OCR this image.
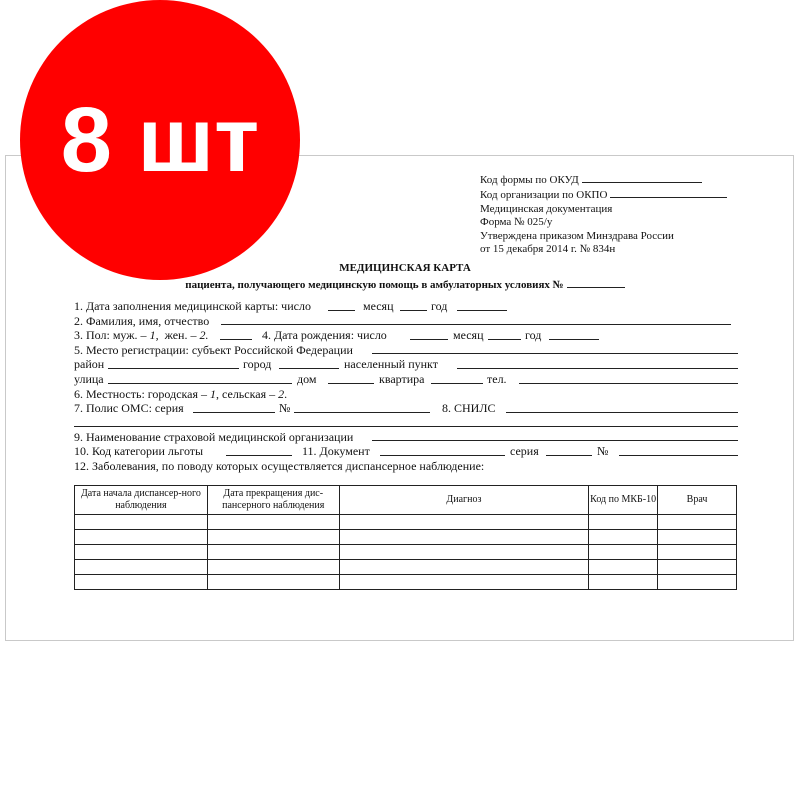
Код формы по ОКУД
Код организации по ОКПО
Медицинская документация
Форма № 025/у
Утверждена приказом Минздрава России
от 15 декабря 2014 г. № 834н
МЕДИЦИНСКАЯ КАРТА
пациента, получающего медицинскую помощь в амбулаторных условиях №
1. Дата заполнения медицинской карты: число	месяц	год
2. Фамилия, имя, отчество
3. Пол: муж. – 1, жен. – 2.	4. Дата рождения: число	месяц	год
5. Место регистрации: субъект Российской Федерации
район	город	населенный пункт
улица	дом	квартира	тел.
6. Местность: городская – 1, сельская – 2.
7. Полис ОМС: серия	№	8. СНИЛС
9. Наименование страховой медицинской организации
10. Код категории льготы	11. Документ	серия	№
12. Заболевания, по поводу которых осуществляется диспансерное наблюдение:
Дата начала диспансер-ного наблюдения	Дата прекращения дис-пансерного наблюдения	Диагноз	Код по МКБ-10	Врач

8 шт
